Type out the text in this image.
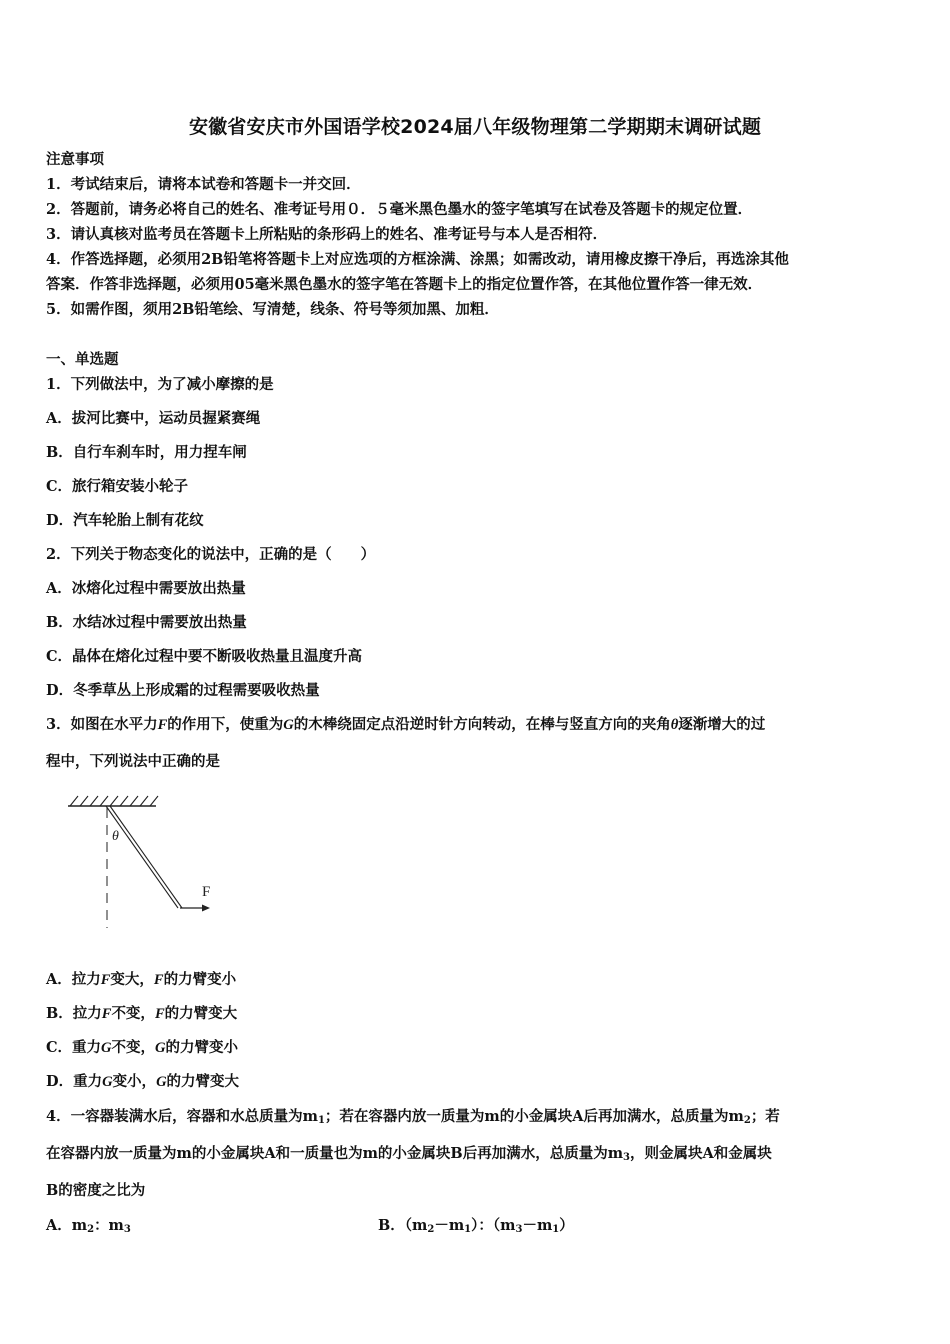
安徽省安庆市外国语学校2024届八年级物理第二学期期末调研试题
注意事项
1．考试结束后，请将本试卷和答题卡一并交回．
2．答题前，请务必将自己的姓名、准考证号用０．５毫米黑色墨水的签字笔填写在试卷及答题卡的规定位置．
3．请认真核对监考员在答题卡上所粘贴的条形码上的姓名、准考证号与本人是否相符．
4．作答选择题，必须用2B铅笔将答题卡上对应选项的方框涂满、涂黑；如需改动，请用橡皮擦干净后，再选涂其他
答案．作答非选择题，必须用05毫米黑色墨水的签字笔在答题卡上的指定位置作答，在其他位置作答一律无效．
5．如需作图，须用2B铅笔绘、写清楚，线条、符号等须加黑、加粗．
一、单选题
1．下列做法中，为了减小摩擦的是
A．拔河比赛中，运动员握紧赛绳
B．自行车刹车时，用力捏车闸
C．旅行箱安装小轮子
D．汽车轮胎上制有花纹
2．下列关于物态变化的说法中，正确的是（　　）
A．冰熔化过程中需要放出热量
B．水结冰过程中需要放出热量
C．晶体在熔化过程中要不断吸收热量且温度升高
D．冬季草丛上形成霜的过程需要吸收热量
3．如图在水平力F的作用下，使重为G的木棒绕固定点沿逆时针方向转动，在棒与竖直方向的夹角θ逐渐增大的过
程中，下列说法中正确的是
θ
F
A．拉力F变大，F的力臂变小
B．拉力F不变，F的力臂变大
C．重力G不变，G的力臂变小
D．重力G变小，G的力臂变大
4．一容器装满水后，容器和水总质量为$m_1$；若在容器内放一质量为m的小金属块A后再加满水，总质量为$m_2$；若
在容器内放一质量为m的小金属块A和一质量也为m的小金属块B后再加满水，总质量为$m_3$，则金属块A和金属块
B的密度之比为
A．$m_2$：$m_3$	B．$(m_2-m_1)$：$(m_3-m_1)$
